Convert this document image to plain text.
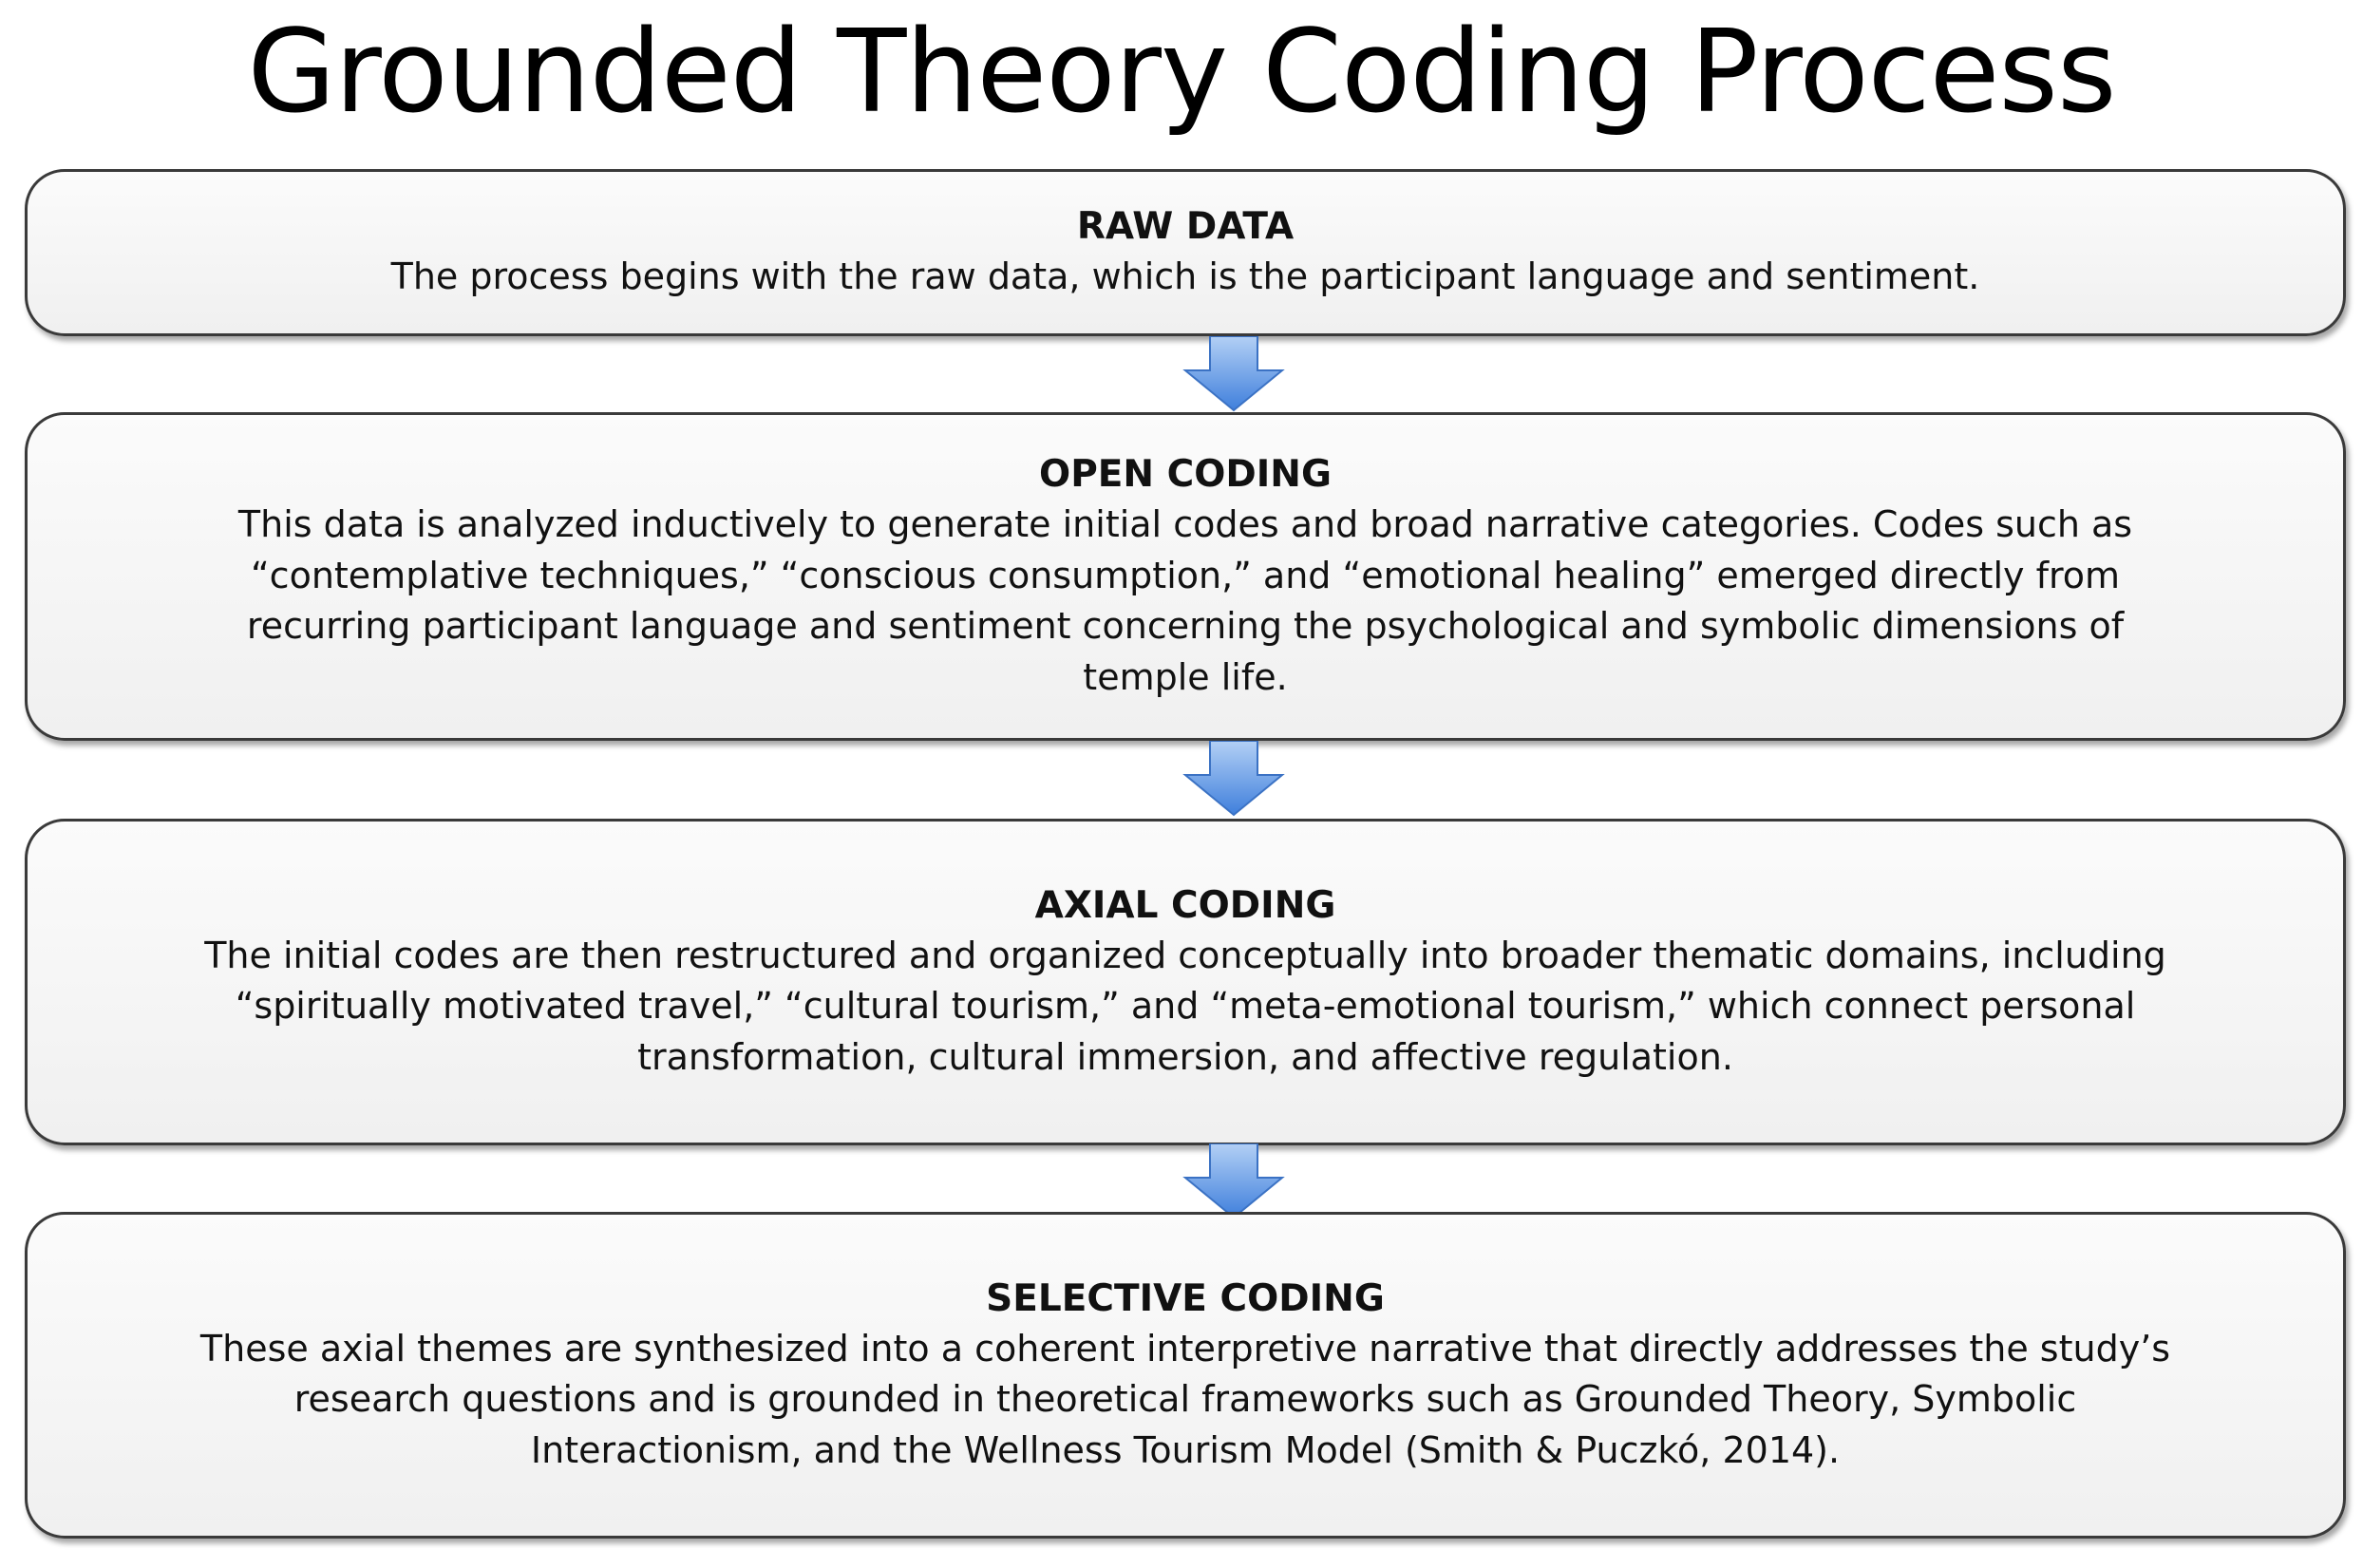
Grounded Theory Coding Process
RAW DATA
The process begins with the raw data, which is the participant language and sentiment.
OPEN CODING
This data is analyzed inductively to generate initial codes and broad narrative categories. Codes such as
“contemplative techniques,” “conscious consumption,” and “emotional healing” emerged directly from
recurring participant language and sentiment concerning the psychological and symbolic dimensions of
temple life.
AXIAL CODING
The initial codes are then restructured and organized conceptually into broader thematic domains, including
“spiritually motivated travel,” “cultural tourism,” and “meta-emotional tourism,” which connect personal
transformation, cultural immersion, and affective regulation.
SELECTIVE CODING
These axial themes are synthesized into a coherent interpretive narrative that directly addresses the study’s
research questions and is grounded in theoretical frameworks such as Grounded Theory, Symbolic
Interactionism, and the Wellness Tourism Model (Smith & Puczkó, 2014).
